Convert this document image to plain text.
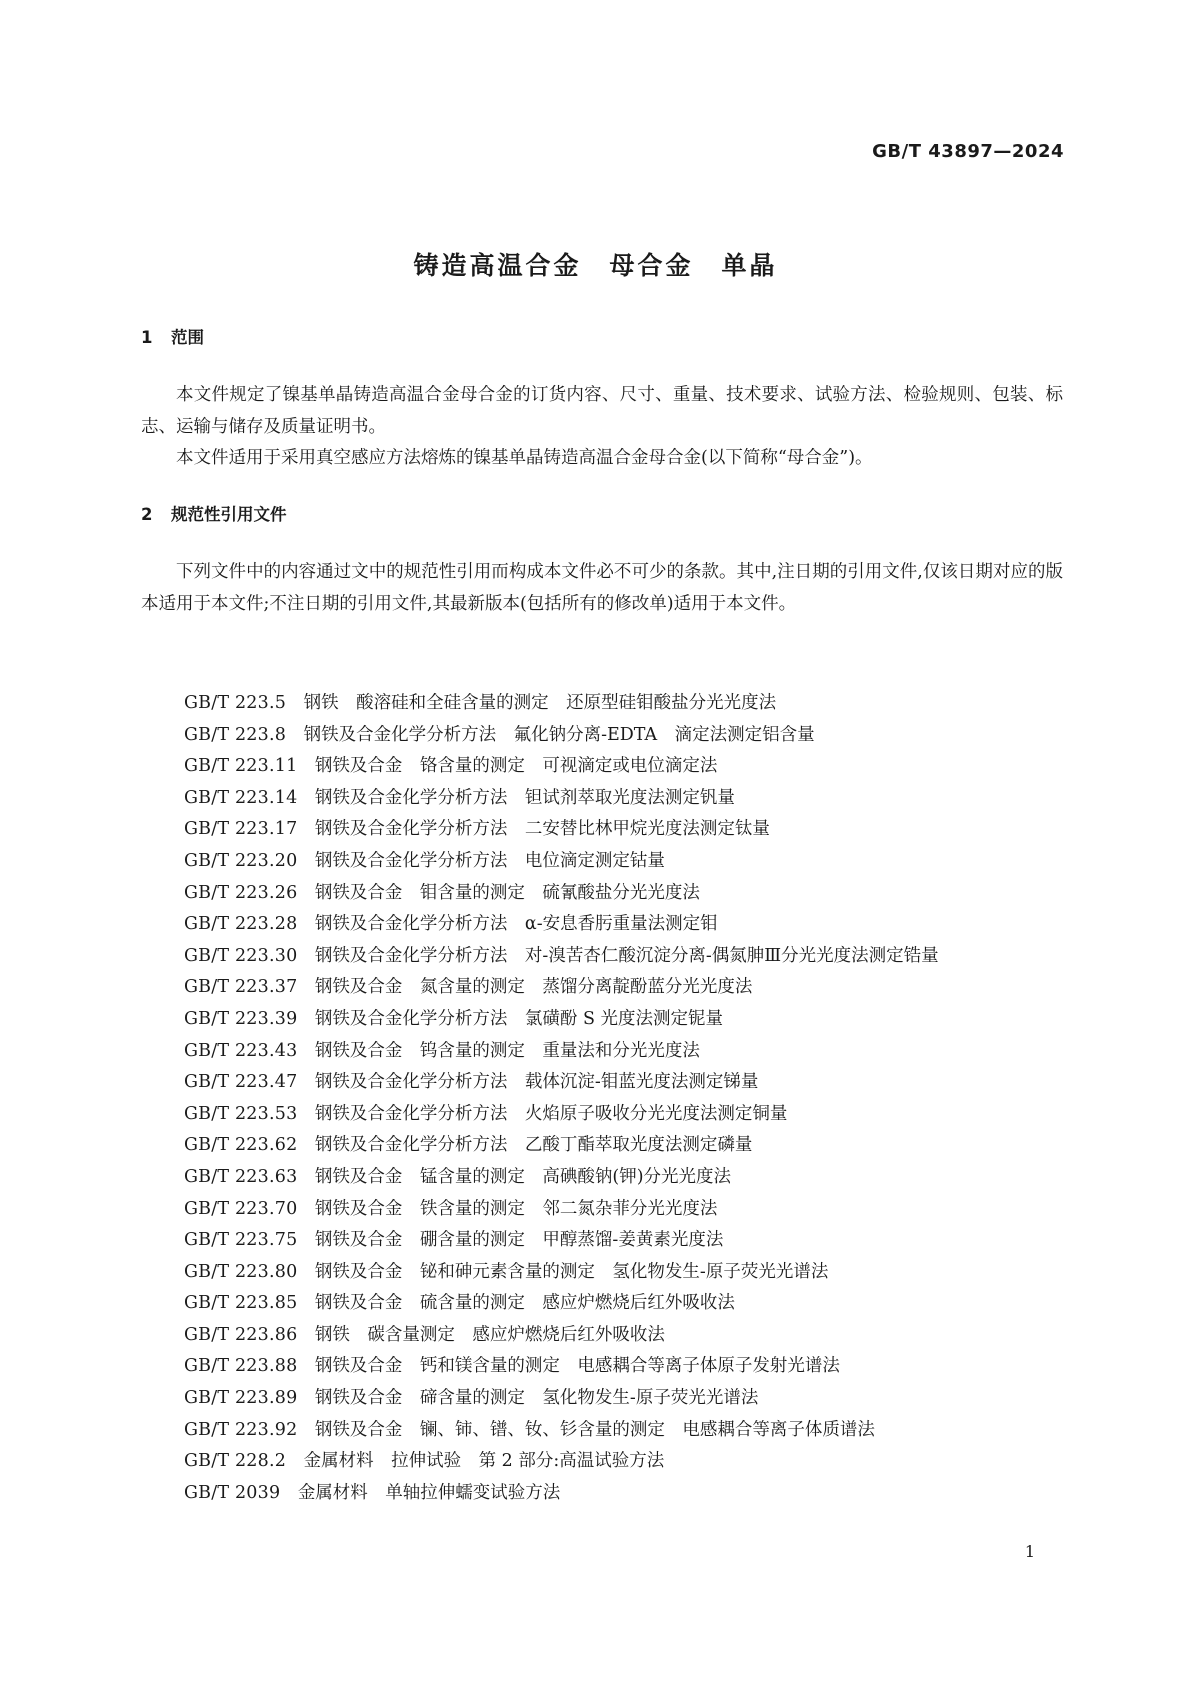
GB/T 43897—2024

铸造高温合金　母合金　单晶
1 范围

本文件规定了镍基单晶铸造高温合金母合金的订货内容、尺寸、重量、技术要求、试验方法、检验规则、包装、标志、运输与储存及质量证明书。

本文件适用于采用真空感应方法熔炼的镍基单晶铸造高温合金母合金(以下简称“母合金”)。

2 规范性引用文件

下列文件中的内容通过文中的规范性引用而构成本文件必不可少的条款。其中,注日期的引用文件,仅该日期对应的版本适用于本文件;不注日期的引用文件,其最新版本(包括所有的修改单)适用于本文件。

GB/T 223.5　 钢铁　酸溶硅和全硅含量的测定　还原型硅钼酸盐分光光度法
GB/T 223.8　 钢铁及合金化学分析方法　氟化钠分离-EDTA　滴定法测定铝含量
GB/T 223.11　 钢铁及合金　铬含量的测定　可视滴定或电位滴定法
GB/T 223.14　 钢铁及合金化学分析方法　钽试剂萃取光度法测定钒量
GB/T 223.17　 钢铁及合金化学分析方法　二安替比林甲烷光度法测定钛量
GB/T 223.20　 钢铁及合金化学分析方法　电位滴定测定钴量
GB/T 223.26　 钢铁及合金　钼含量的测定　硫氰酸盐分光光度法
GB/T 223.28　 钢铁及合金化学分析方法　α-安息香肟重量法测定钼
GB/T 223.30　 钢铁及合金化学分析方法　对-溴苦杏仁酸沉淀分离-偶氮胂Ⅲ分光光度法测定锆量
GB/T 223.37　 钢铁及合金　氮含量的测定　蒸馏分离靛酚蓝分光光度法
GB/T 223.39　 钢铁及合金化学分析方法　氯磺酚 S 光度法测定铌量
GB/T 223.43　 钢铁及合金　钨含量的测定　重量法和分光光度法
GB/T 223.47　 钢铁及合金化学分析方法　载体沉淀-钼蓝光度法测定锑量
GB/T 223.53　 钢铁及合金化学分析方法　火焰原子吸收分光光度法测定铜量
GB/T 223.62　 钢铁及合金化学分析方法　乙酸丁酯萃取光度法测定磷量
GB/T 223.63　 钢铁及合金　锰含量的测定　高碘酸钠(钾)分光光度法
GB/T 223.70　 钢铁及合金　铁含量的测定　邻二氮杂菲分光光度法
GB/T 223.75　 钢铁及合金　硼含量的测定　甲醇蒸馏-姜黄素光度法
GB/T 223.80　 钢铁及合金　铋和砷元素含量的测定　氢化物发生-原子荧光光谱法
GB/T 223.85　 钢铁及合金　硫含量的测定　感应炉燃烧后红外吸收法
GB/T 223.86　 钢铁　碳含量测定　感应炉燃烧后红外吸收法
GB/T 223.88　 钢铁及合金　钙和镁含量的测定　电感耦合等离子体原子发射光谱法
GB/T 223.89　 钢铁及合金　碲含量的测定　氢化物发生-原子荧光光谱法
GB/T 223.92　 钢铁及合金　镧、铈、镨、钕、钐含量的测定　电感耦合等离子体质谱法
GB/T 228.2　 金属材料　拉伸试验　第 2 部分:高温试验方法
GB/T 2039　 金属材料　单轴拉伸蠕变试验方法

1
